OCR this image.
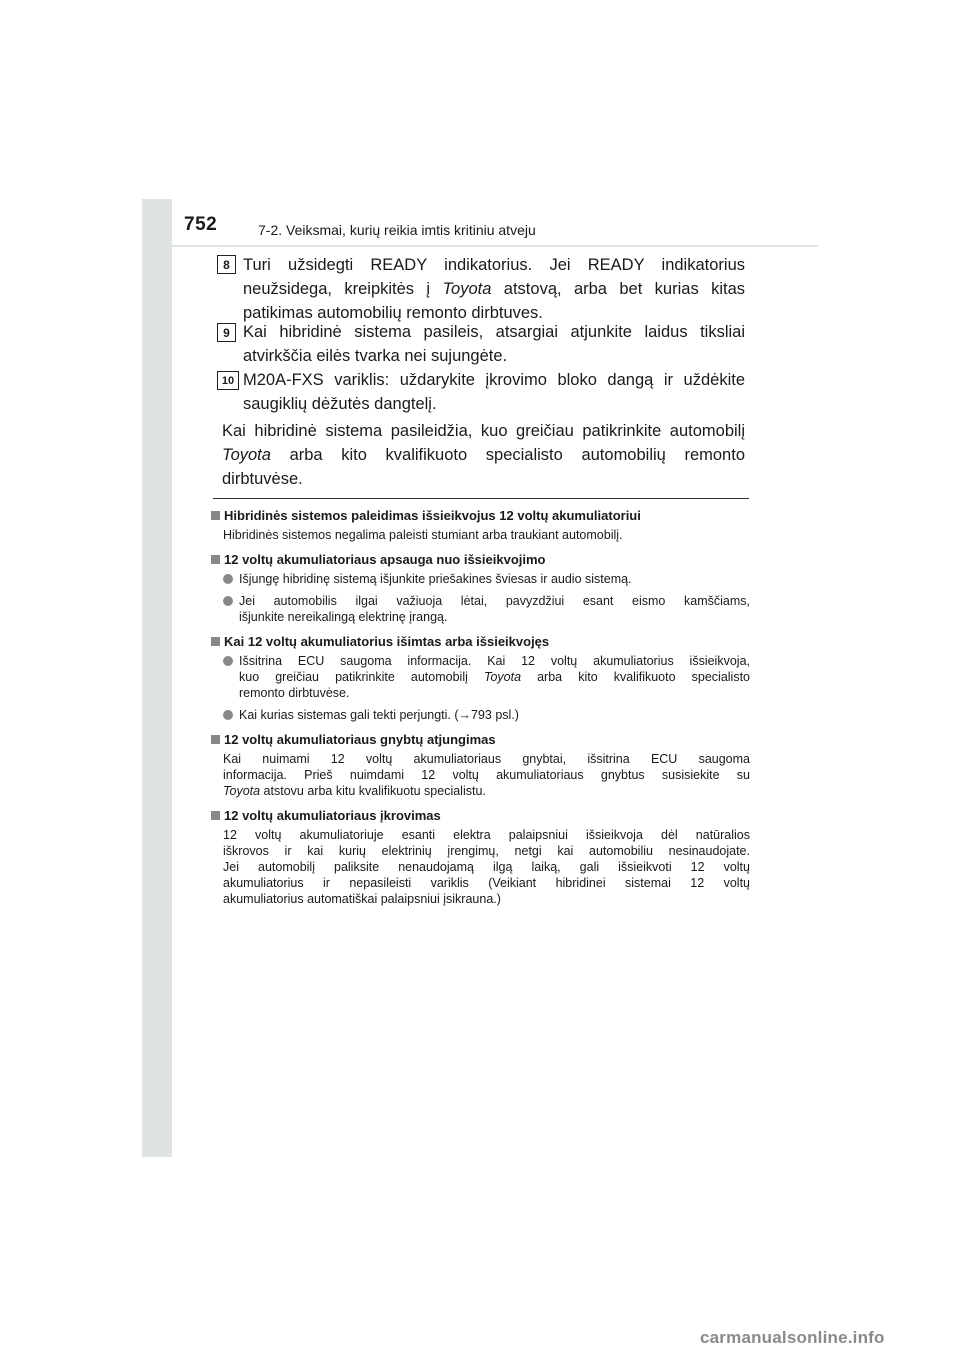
752	7-2. Veiksmai, kurių reikia imtis kritiniu atveju
8 Turi užsidegti READY indikatorius. Jei READY indikatorius
neužsidega, kreipkitės į Toyota atstovą, arba bet kurias kitas
patikimas automobilių remonto dirbtuves.
9 Kai hibridinė sistema pasileis, atsargiai atjunkite laidus tiksliai
atvirkščia eilės tvarka nei sujungėte.
10 M20A-FXS variklis: uždarykite įkrovimo bloko dangą ir uždėkite
saugiklių dėžutės dangtelį.
Kai hibridinė sistema pasileidžia, kuo greičiau patikrinkite automobilį
Toyota arba kito kvalifikuoto specialisto automobilių remonto
dirbtuvėse.
Hibridinės sistemos paleidimas išsieikvojus 12 voltų akumuliatoriui
Hibridinės sistemos negalima paleisti stumiant arba traukiant automobilį.
12 voltų akumuliatoriaus apsauga nuo išsieikvojimo
Išjungę hibridinę sistemą išjunkite priešakines šviesas ir audio sistemą.
Jei automobilis ilgai važiuoja lėtai, pavyzdžiui esant eismo kamščiams,
išjunkite nereikalingą elektrinę įrangą.
Kai 12 voltų akumuliatorius išimtas arba išsieikvojęs
Išsitrina ECU saugoma informacija. Kai 12 voltų akumuliatorius išsieikvoja,
kuo greičiau patikrinkite automobilį Toyota arba kito kvalifikuoto specialisto
remonto dirbtuvėse.
Kai kurias sistemas gali tekti perjungti. (→793 psl.)
12 voltų akumuliatoriaus gnybtų atjungimas
Kai nuimami 12 voltų akumuliatoriaus gnybtai, išsitrina ECU saugoma
informacija. Prieš nuimdami 12 voltų akumuliatoriaus gnybtus susisiekite su
Toyota atstovu arba kitu kvalifikuotu specialistu.
12 voltų akumuliatoriaus įkrovimas
12 voltų akumuliatoriuje esanti elektra palaipsniui išsieikvoja dėl natūralios
iškrovos ir kai kurių elektrinių įrengimų, netgi kai automobiliu nesinaudojate.
Jei automobilį paliksite nenaudojamą ilgą laiką, gali išsieikvoti 12 voltų
akumuliatorius ir nepasileisti variklis (Veikiant hibridinei sistemai 12 voltų
akumuliatorius automatiškai palaipsniui įsikrauna.)
carmanualsonline.info
